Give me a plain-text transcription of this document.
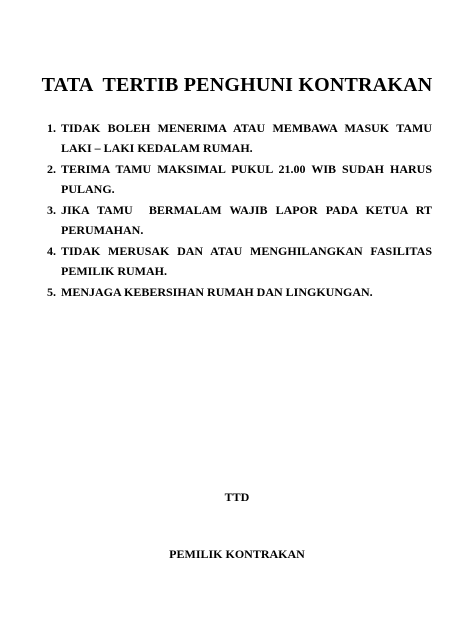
TATA  TERTIB PENGHUNI KONTRAKAN
1. TIDAK BOLEH MENERIMA ATAU MEMBAWA MASUK TAMU LAKI – LAKI KEDALAM RUMAH.
2. TERIMA TAMU MAKSIMAL PUKUL 21.00 WIB SUDAH HARUS PULANG.
3. JIKA TAMU  BERMALAM WAJIB LAPOR PADA KETUA RT PERUMAHAN.
4. TIDAK MERUSAK DAN ATAU MENGHILANGKAN FASILITAS PEMILIK RUMAH.
5. MENJAGA KEBERSIHAN RUMAH DAN LINGKUNGAN.
TTD
PEMILIK KONTRAKAN
